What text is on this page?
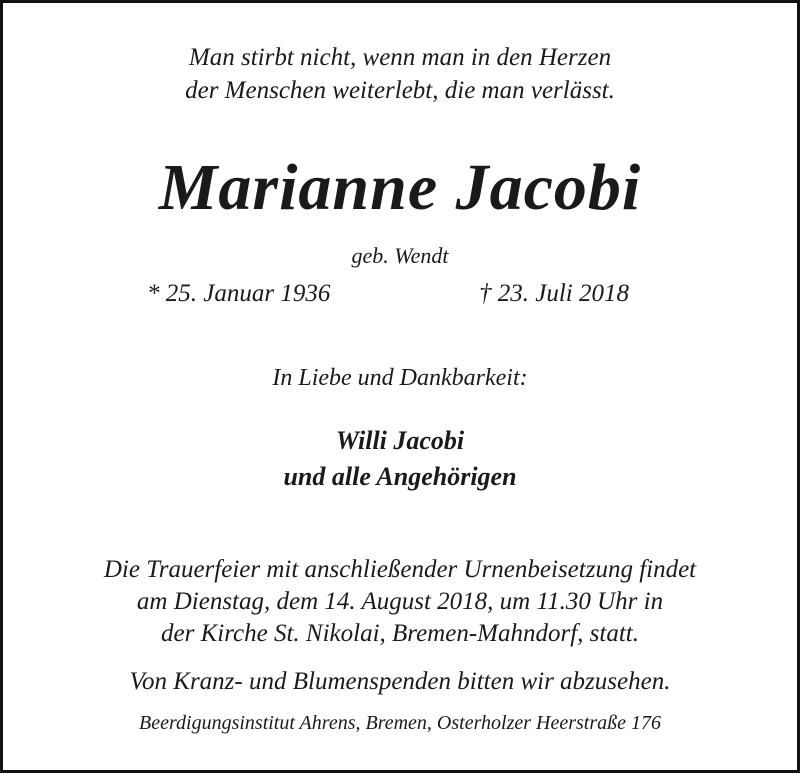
Man stirbt nicht, wenn man in den Herzen
der Menschen weiterlebt, die man verlässt.
Marianne Jacobi
geb. Wendt
* 25. Januar 1936	† 23. Juli 2018
In Liebe und Dankbarkeit:
Willi Jacobi
und alle Angehörigen
Die Trauerfeier mit anschließender Urnenbeisetzung findet
am Dienstag, dem 14. August 2018, um 11.30 Uhr in
der Kirche St. Nikolai, Bremen-Mahndorf, statt.
Von Kranz- und Blumenspenden bitten wir abzusehen.
Beerdigungsinstitut Ahrens, Bremen, Osterholzer Heerstraße 176
